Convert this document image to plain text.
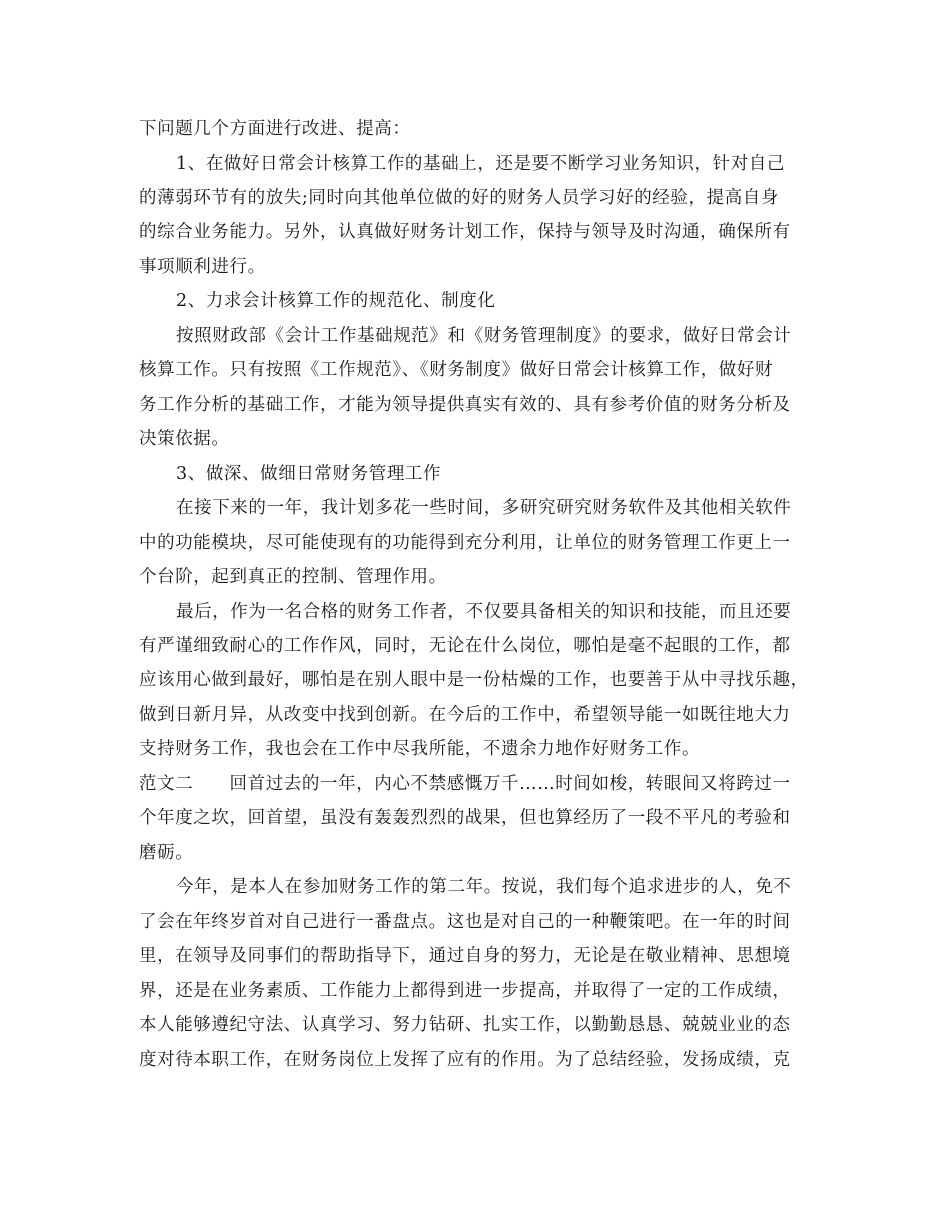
下问题几个方面进行改进、提高：

1、在做好日常会计核算工作的基础上，还是要不断学习业务知识，针对自己

的薄弱环节有的放失;同时向其他单位做的好的财务人员学习好的经验，提高自身

的综合业务能力。另外，认真做好财务计划工作，保持与领导及时沟通，确保所有

事项顺利进行。

2、力求会计核算工作的规范化、制度化

按照财政部《会计工作基础规范》和《财务管理制度》的要求，做好日常会计

核算工作。只有按照《工作规范》、《财务制度》做好日常会计核算工作，做好财

务工作分析的基础工作，才能为领导提供真实有效的、具有参考价值的财务分析及

决策依据。

3、做深、做细日常财务管理工作

在接下来的一年，我计划多花一些时间，多研究研究财务软件及其他相关软件

中的功能模块，尽可能使现有的功能得到充分利用，让单位的财务管理工作更上一

个台阶，起到真正的控制、管理作用。

最后，作为一名合格的财务工作者，不仅要具备相关的知识和技能，而且还要

有严谨细致耐心的工作作风，同时，无论在什么岗位，哪怕是毫不起眼的工作，都

应该用心做到最好，哪怕是在别人眼中是一份枯燥的工作，也要善于从中寻找乐趣，

做到日新月异，从改变中找到创新。在今后的工作中，希望领导能一如既往地大力

支持财务工作，我也会在工作中尽我所能，不遗余力地作好财务工作。

范文二　　回首过去的一年，内心不禁感慨万千……时间如梭，转眼间又将跨过一

个年度之坎，回首望，虽没有轰轰烈烈的战果，但也算经历了一段不平凡的考验和

磨砺。

今年，是本人在参加财务工作的第二年。按说，我们每个追求进步的人，免不

了会在年终岁首对自己进行一番盘点。这也是对自己的一种鞭策吧。在一年的时间

里，在领导及同事们的帮助指导下，通过自身的努力，无论是在敬业精神、思想境

界，还是在业务素质、工作能力上都得到进一步提高，并取得了一定的工作成绩，

本人能够遵纪守法、认真学习、努力钻研、扎实工作，以勤勤恳恳、兢兢业业的态

度对待本职工作，在财务岗位上发挥了应有的作用。为了总结经验，发扬成绩，克
